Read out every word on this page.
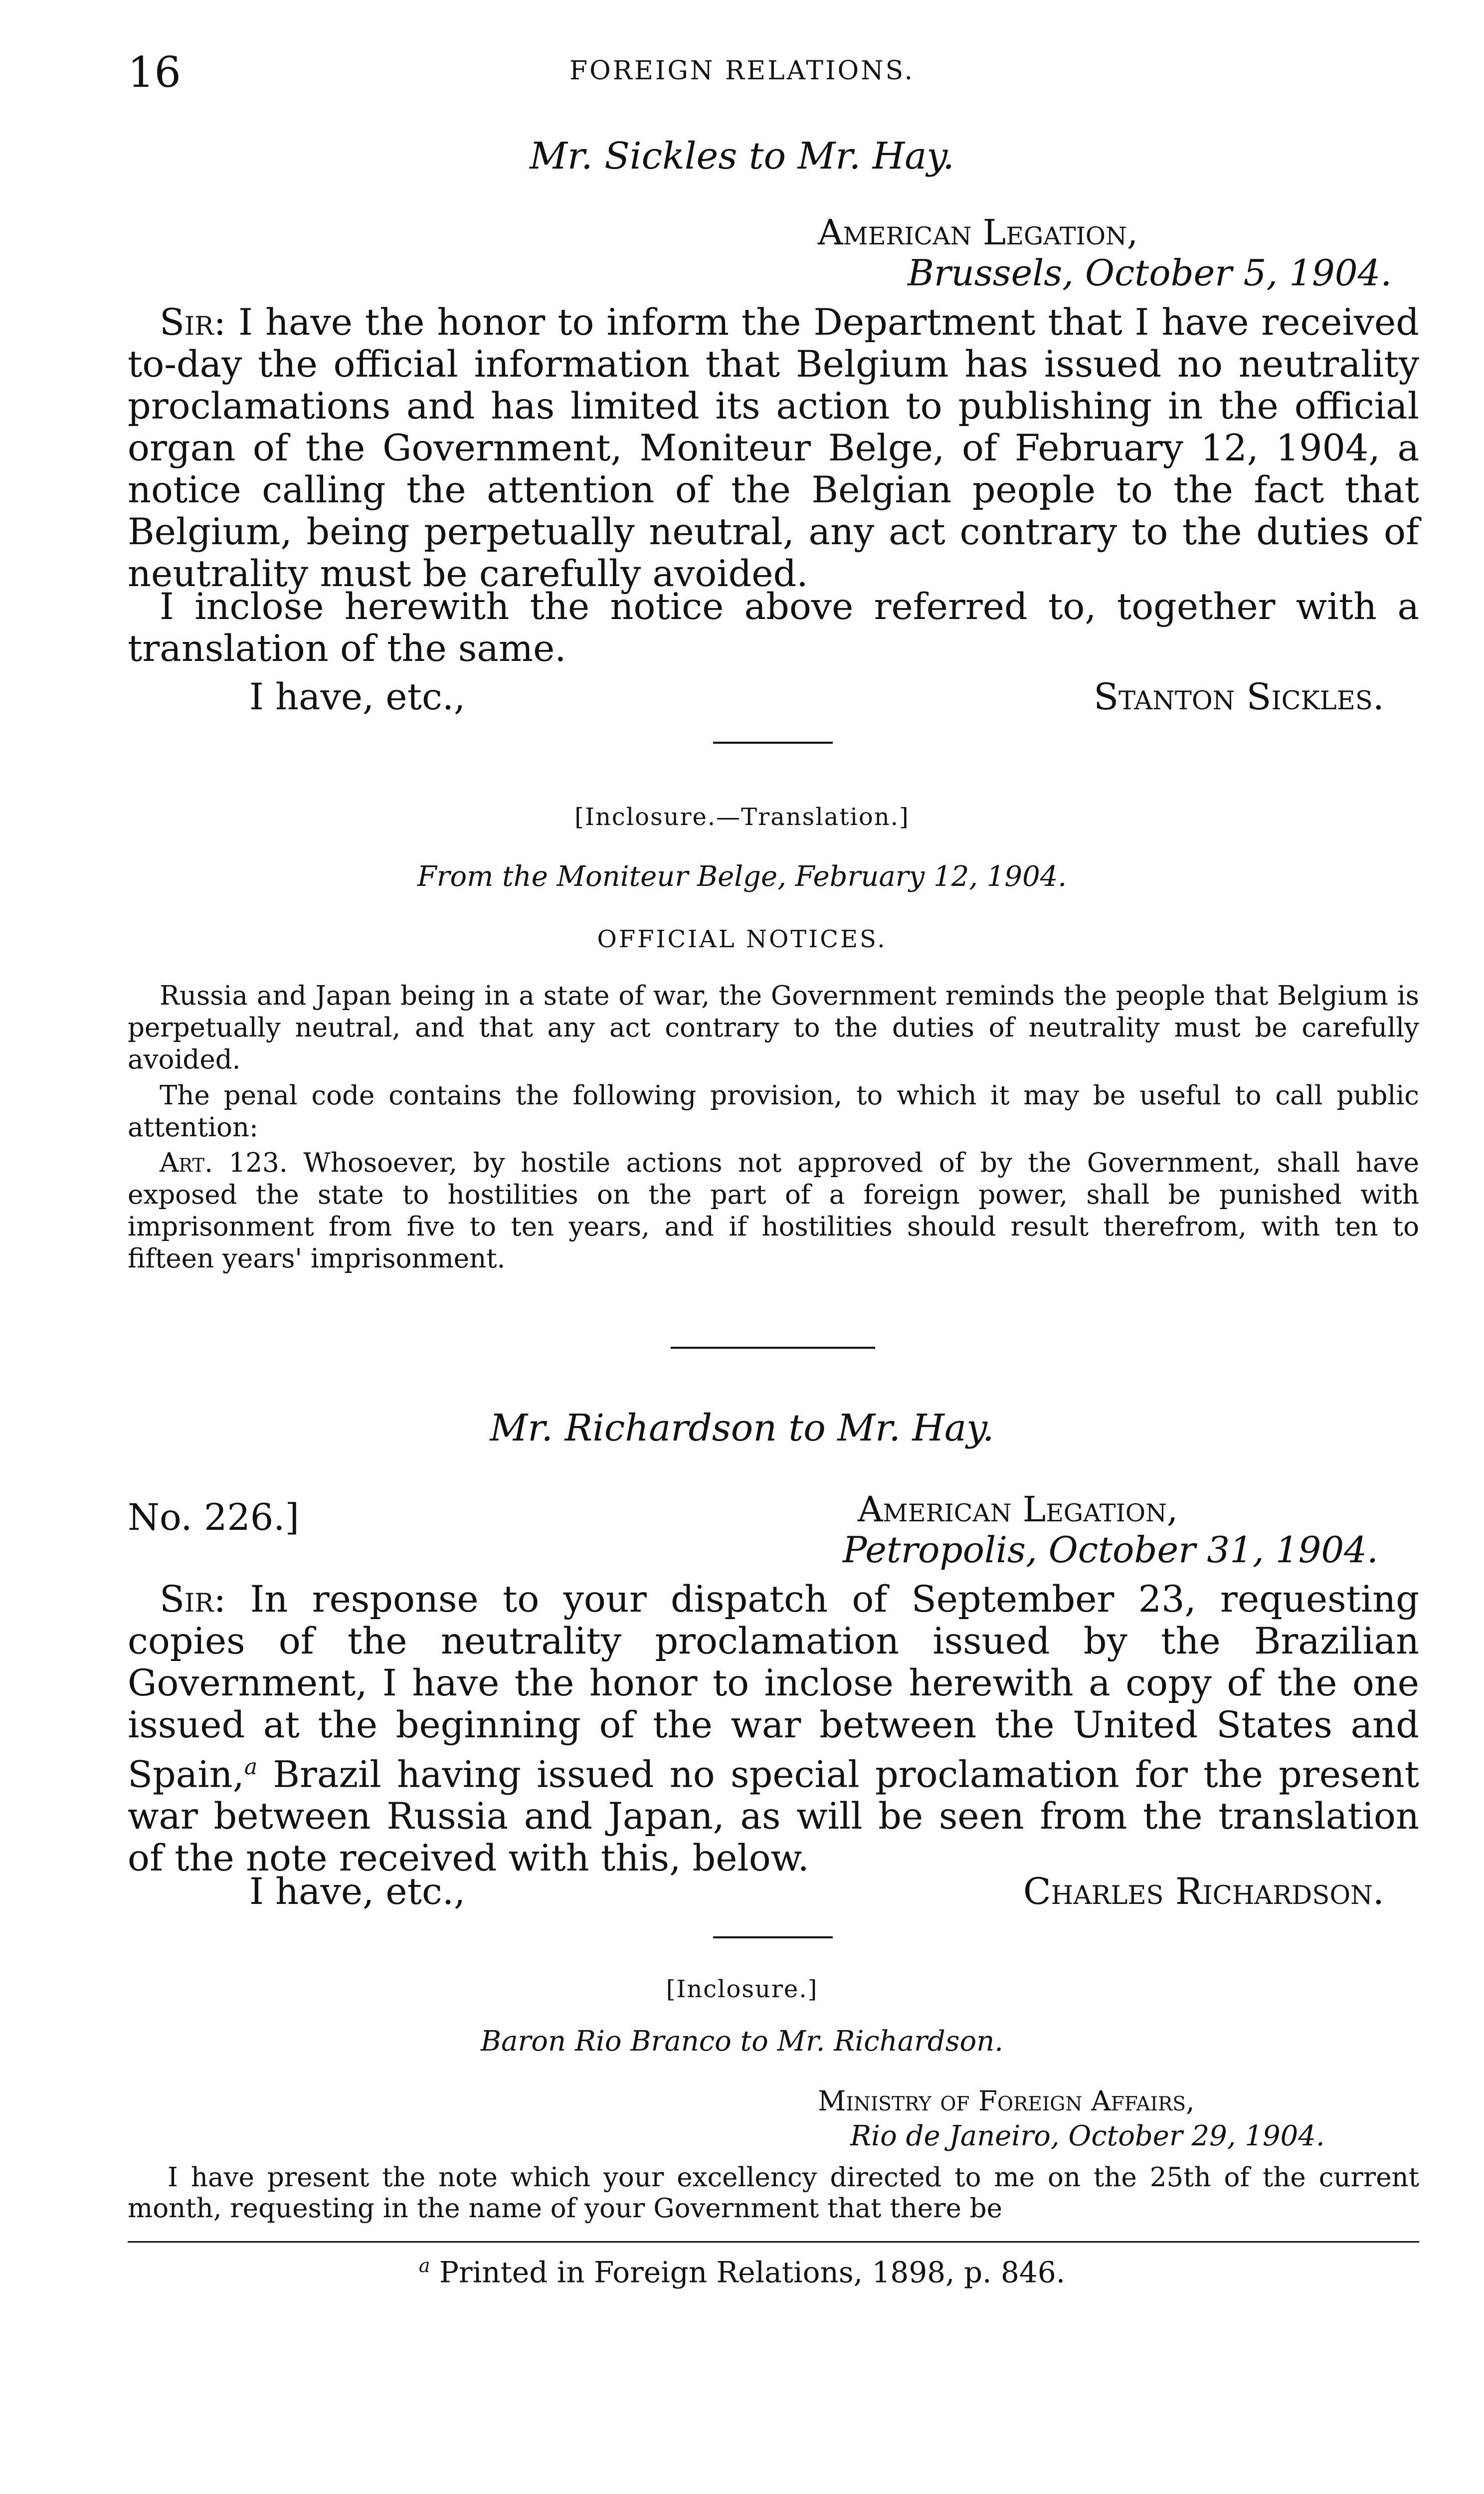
16	FOREIGN RELATIONS.
Mr. Sickles to Mr. Hay.
American Legation,
Brussels, October 5, 1904.
Sir: I have the honor to inform the Department that I have received to-day the official information that Belgium has issued no neutrality proclamations and has limited its action to publishing in the official organ of the Government, Moniteur Belge, of February 12, 1904, a notice calling the attention of the Belgian people to the fact that Belgium, being perpetually neutral, any act contrary to the duties of neutrality must be carefully avoided.
I inclose herewith the notice above referred to, together with a translation of the same.
I have, etc.,	Stanton Sickles.
[Inclosure.—Translation.]
From the Moniteur Belge, February 12, 1904.
OFFICIAL NOTICES.
Russia and Japan being in a state of war, the Government reminds the people that Belgium is perpetually neutral, and that any act contrary to the duties of neutrality must be carefully avoided.
The penal code contains the following provision, to which it may be useful to call public attention:
Art. 123. Whosoever, by hostile actions not approved of by the Government, shall have exposed the state to hostilities on the part of a foreign power, shall be punished with imprisonment from five to ten years, and if hostilities should result therefrom, with ten to fifteen years' imprisonment.
Mr. Richardson to Mr. Hay.
No. 226.]	American Legation,
Petropolis, October 31, 1904.
Sir: In response to your dispatch of September 23, requesting copies of the neutrality proclamation issued by the Brazilian Government, I have the honor to inclose herewith a copy of the one issued at the beginning of the war between the United States and Spain,$^a$ Brazil having issued no special proclamation for the present war between Russia and Japan, as will be seen from the translation of the note received with this, below.
I have, etc.,	Charles Richardson.
[Inclosure.]
Baron Rio Branco to Mr. Richardson.
Ministry of Foreign Affairs,
Rio de Janeiro, October 29, 1904.
I have present the note which your excellency directed to me on the 25th of the current month, requesting in the name of your Government that there be
$^a$ Printed in Foreign Relations, 1898, p. 846.
